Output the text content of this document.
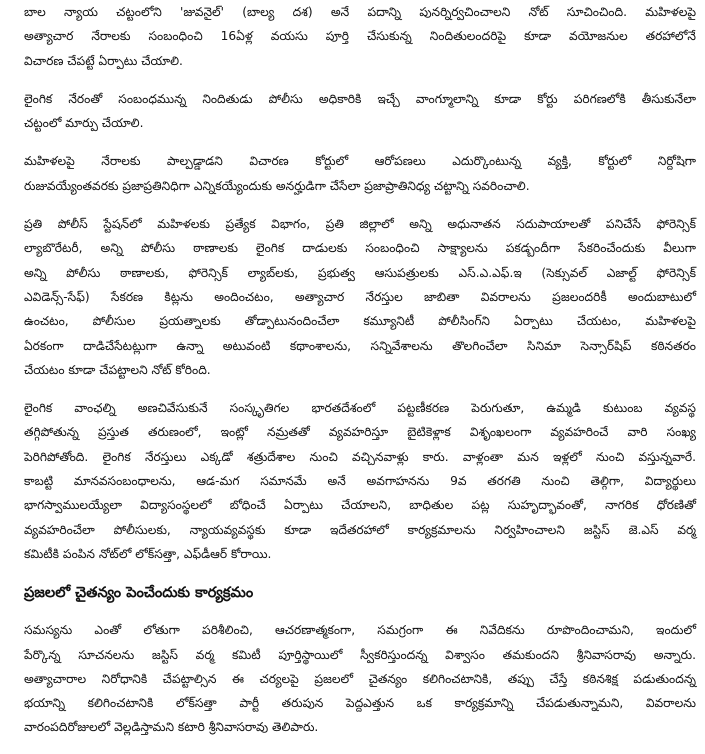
బాల న్యాయ చట్టంలోని 'జువనైల్' (బాల్య దశ) అనే పదాన్ని పునర్నిర్వచించాలని నోట్ సూచించింది. మహిళలపై
అత్యాచార నేరాలకు సంబంధించి 16ఏళ్ల వయసు పూర్తి చేసుకున్న నిందితులందరిపై కూడా వయోజనుల తరహాలోనే
విచారణ చేపట్టే ఏర్పాటు చేయాలి.

లైంగిక నేరంతో సంబంధమున్న నిందితుడు పోలీసు అధికారికి ఇచ్చే వాంగ్మూలాన్ని కూడా కోర్టు పరిగణలోకి తీసుకునేలా
చట్టంలో మార్పు చేయాలి.

మహిళలపై నేరాలకు పాల్పడ్డాడని విచారణ కోర్టులో ఆరోపణలు ఎదుర్కొంటున్న వ్యక్తి, కోర్టులో నిర్దోషిగా
రుజువయ్యేంతవరకు ప్రజాప్రతినిధిగా ఎన్నికయ్యేందుకు అనర్హుడిగా చేసేలా ప్రజాప్రాతినిధ్య చట్టాన్ని సవరించాలి.

ప్రతి పోలీస్ స్టేషన్‌లో మహిళలకు ప్రత్యేక విభాగం, ప్రతి జిల్లాలో అన్ని అధునాతన సదుపాయాలతో పనిచేసే ఫోరెన్సిక్
ల్యాబొరేటరీ, అన్ని పోలీసు ఠాణాలకు లైంగిక దాడులకు సంబంధించి సాక్ష్యాలను పకడ్బందీగా సేకరించేందుకు వీలుగా
అన్ని పోలీసు ఠాణాలకు, ఫోరెన్సిక్ ల్యాబ్‌లకు, ప్రభుత్వ ఆసుపత్రులకు ఎస్.ఎ.ఎఫ్.ఇ (సెక్సువల్ ఎజాల్ట్ ఫోరెన్సిక్
ఎవిడెన్స్-సేఫ్) సేకరణ కిట్లను అందించటం, అత్యాచార నేరస్తుల జాబితా వివరాలను ప్రజలందరికీ అందుబాటులో
ఉంచటం, పోలీసుల ప్రయత్నాలకు తోడ్పాటునందించేలా కమ్యూనిటీ పోలీసింగ్‌ని ఏర్పాటు చేయటం, మహిళలపై
ఏరకంగా దాడిచేసేటట్లుగా ఉన్నా అటువంటి కథాంశాలను, సన్నివేశాలను తొలగించేలా సినిమా సెన్సార్‌షిప్ కఠినతరం
చేయటం కూడా చేపట్టాలని నోట్ కోరింది.

లైంగిక వాంఛల్ని అణచివేసుకునే సంస్కృతిగల భారతదేశంలో పట్టణీకరణ పెరుగుతూ, ఉమ్మడి కుటుంబ వ్యవస్థ
తగ్గిపోతున్న ప్రస్తుత తరుణంలో, ఇంట్లో నమ్రతతో వ్యవహరిస్తూ బైటికెళ్లాక విశృంఖలంగా వ్యవహరించే వారి సంఖ్య
పెరిగిపోతోంది. లైంగిక నేరస్తులు ఎక్కడో శత్రుదేశాల నుంచి వచ్చినవాళ్లు కారు. వాళ్లంతా మన ఇళ్లలో నుంచి వస్తున్నవారే.
కాబట్టి మానవసంబంధాలను, ఆడ-మగ సమానమే అనే అవగాహనను 9వ తరగతి నుంచి తెల్గిగా, విద్యార్థులు
భాగస్వాములయ్యేలా విద్యాసంస్థలలో బోధించే ఏర్పాటు చేయాలని, బాధితుల పట్ల సుహృద్భావంతో, నాగరిక ధోరణితో
వ్యవహరించేలా పోలీసులకు, న్యాయవ్యవస్థకు కూడా ఇదేతరహాలో కార్యక్రమాలను నిర్వహించాలని జస్టిస్ జె.ఎస్ వర్మ
కమిటీకి పంపిన నోట్‌లో లోక్‌సత్తా, ఎఫ్‌డీఆర్ కోరాయి.

ప్రజలలో చైతన్యం పెంచేందుకు కార్యక్రమం

సమస్యను ఎంతో లోతుగా పరిశీలించి, ఆచరణాత్మకంగా, సమగ్రంగా ఈ నివేదికను రూపొందించామని, ఇందులో
పేర్కొన్న సూచనలను జస్టిస్ వర్మ కమిటీ పూర్తిస్థాయిలో స్వీకరిస్తుందన్న విశ్వాసం తమకుందని శ్రీనివాసరావు అన్నారు.
అత్యాచారాల నిరోధానికి చేపట్టాల్సిన ఈ చర్యలపై ప్రజలలో చైతన్యం కలిగించటానికి, తప్పు చేస్తే కఠినశిక్ష పడుతుందన్న
భయాన్ని కలిగించటానికి లోక్‌సత్తా పార్టీ తరుపున పెద్దఎత్తున ఒక కార్యక్రమాన్ని చేపడుతున్నామని, వివరాలను
వారంపదిరోజులలో వెల్లడిస్తామని కటారి శ్రీనివాసరావు తెలిపారు.
